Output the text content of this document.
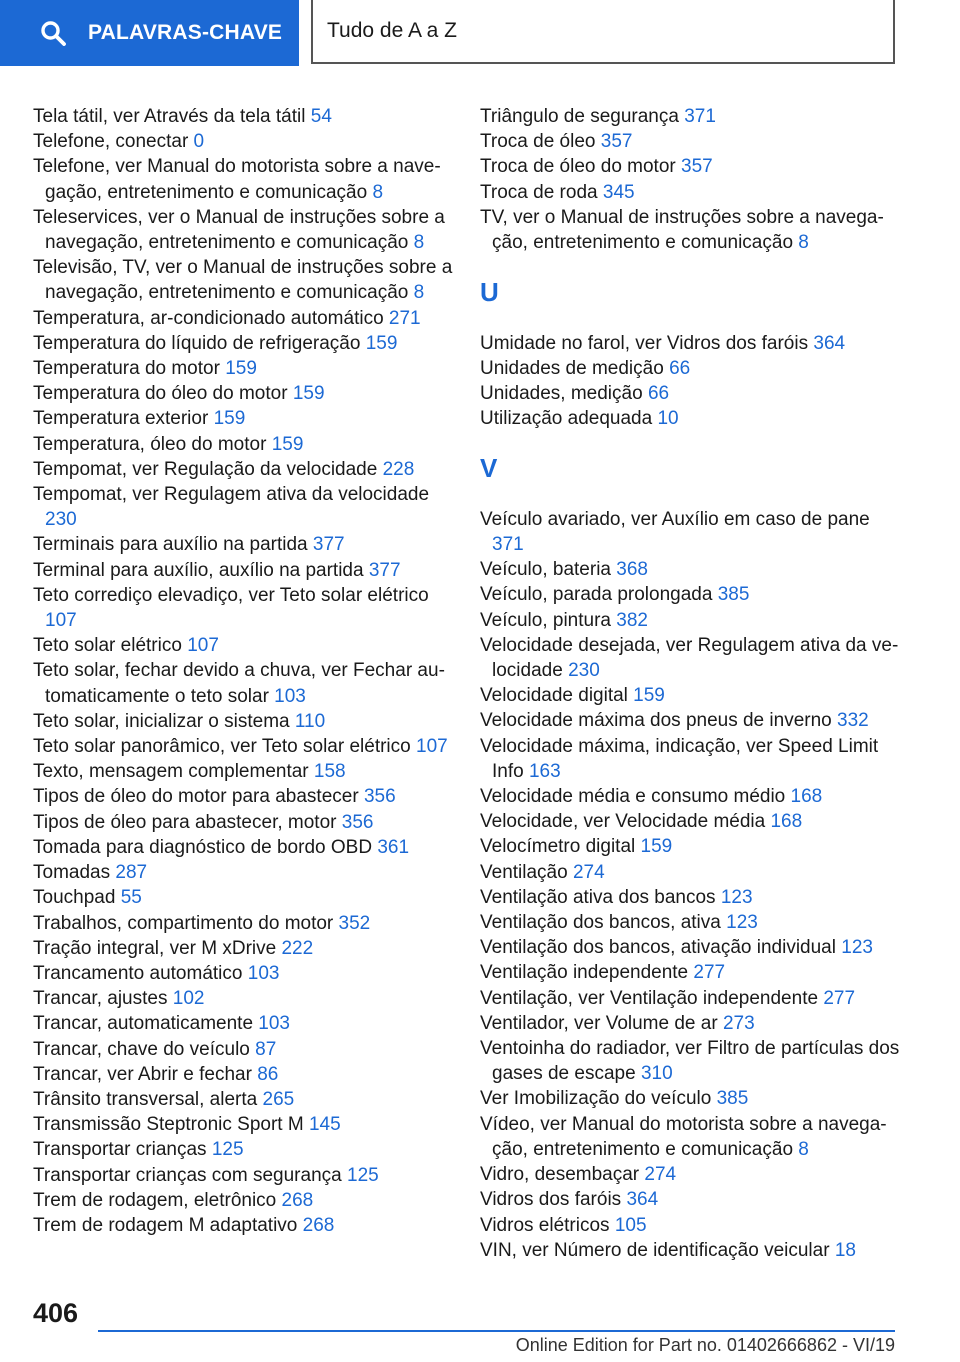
PALAVRAS-CHAVE Tudo de A a Z
Tela tátil, ver Através da tela tátil 54
Telefone, conectar 0
Telefone, ver Manual do motorista sobre a navegação, entretenimento e comunicação 8
Teleservices, ver o Manual de instruções sobre a navegação, entretenimento e comunicação 8
Televisão, TV, ver o Manual de instruções sobre a navegação, entretenimento e comunicação 8
Temperatura, ar-condicionado automático 271
Temperatura do líquido de refrigeração 159
Temperatura do motor 159
Temperatura do óleo do motor 159
Temperatura exterior 159
Temperatura, óleo do motor 159
Tempomat, ver Regulação da velocidade 228
Tempomat, ver Regulagem ativa da velocidade 230
Terminais para auxílio na partida 377
Terminal para auxílio, auxílio na partida 377
Teto corrediço elevadiço, ver Teto solar elétrico 107
Teto solar elétrico 107
Teto solar, fechar devido a chuva, ver Fechar automaticamente o teto solar 103
Teto solar, inicializar o sistema 110
Teto solar panorâmico, ver Teto solar elétrico 107
Texto, mensagem complementar 158
Tipos de óleo do motor para abastecer 356
Tipos de óleo para abastecer, motor 356
Tomada para diagnóstico de bordo OBD 361
Tomadas 287
Touchpad 55
Trabalhos, compartimento do motor 352
Tração integral, ver M xDrive 222
Trancamento automático 103
Trancar, ajustes 102
Trancar, automaticamente 103
Trancar, chave do veículo 87
Trancar, ver Abrir e fechar 86
Trânsito transversal, alerta 265
Transmissão Steptronic Sport M 145
Transportar crianças 125
Transportar crianças com segurança 125
Trem de rodagem, eletrônico 268
Trem de rodagem M adaptativo 268
Triângulo de segurança 371
Troca de óleo 357
Troca de óleo do motor 357
Troca de roda 345
TV, ver o Manual de instruções sobre a navegação, entretenimento e comunicação 8
U
Umidade no farol, ver Vidros dos faróis 364
Unidades de medição 66
Unidades, medição 66
Utilização adequada 10
V
Veículo avariado, ver Auxílio em caso de pane 371
Veículo, bateria 368
Veículo, parada prolongada 385
Veículo, pintura 382
Velocidade desejada, ver Regulagem ativa da velocidade 230
Velocidade digital 159
Velocidade máxima dos pneus de inverno 332
Velocidade máxima, indicação, ver Speed Limit Info 163
Velocidade média e consumo médio 168
Velocidade, ver Velocidade média 168
Velocímetro digital 159
Ventilação 274
Ventilação ativa dos bancos 123
Ventilação dos bancos, ativa 123
Ventilação dos bancos, ativação individual 123
Ventilação independente 277
Ventilação, ver Ventilação independente 277
Ventilador, ver Volume de ar 273
Ventoinha do radiador, ver Filtro de partículas dos gases de escape 310
Ver Imobilização do veículo 385
Vídeo, ver Manual do motorista sobre a navegação, entretenimento e comunicação 8
Vidro, desembaçar 274
Vidros dos faróis 364
Vidros elétricos 105
VIN, ver Número de identificação veicular 18
406
Online Edition for Part no. 01402666862 - VI/19
